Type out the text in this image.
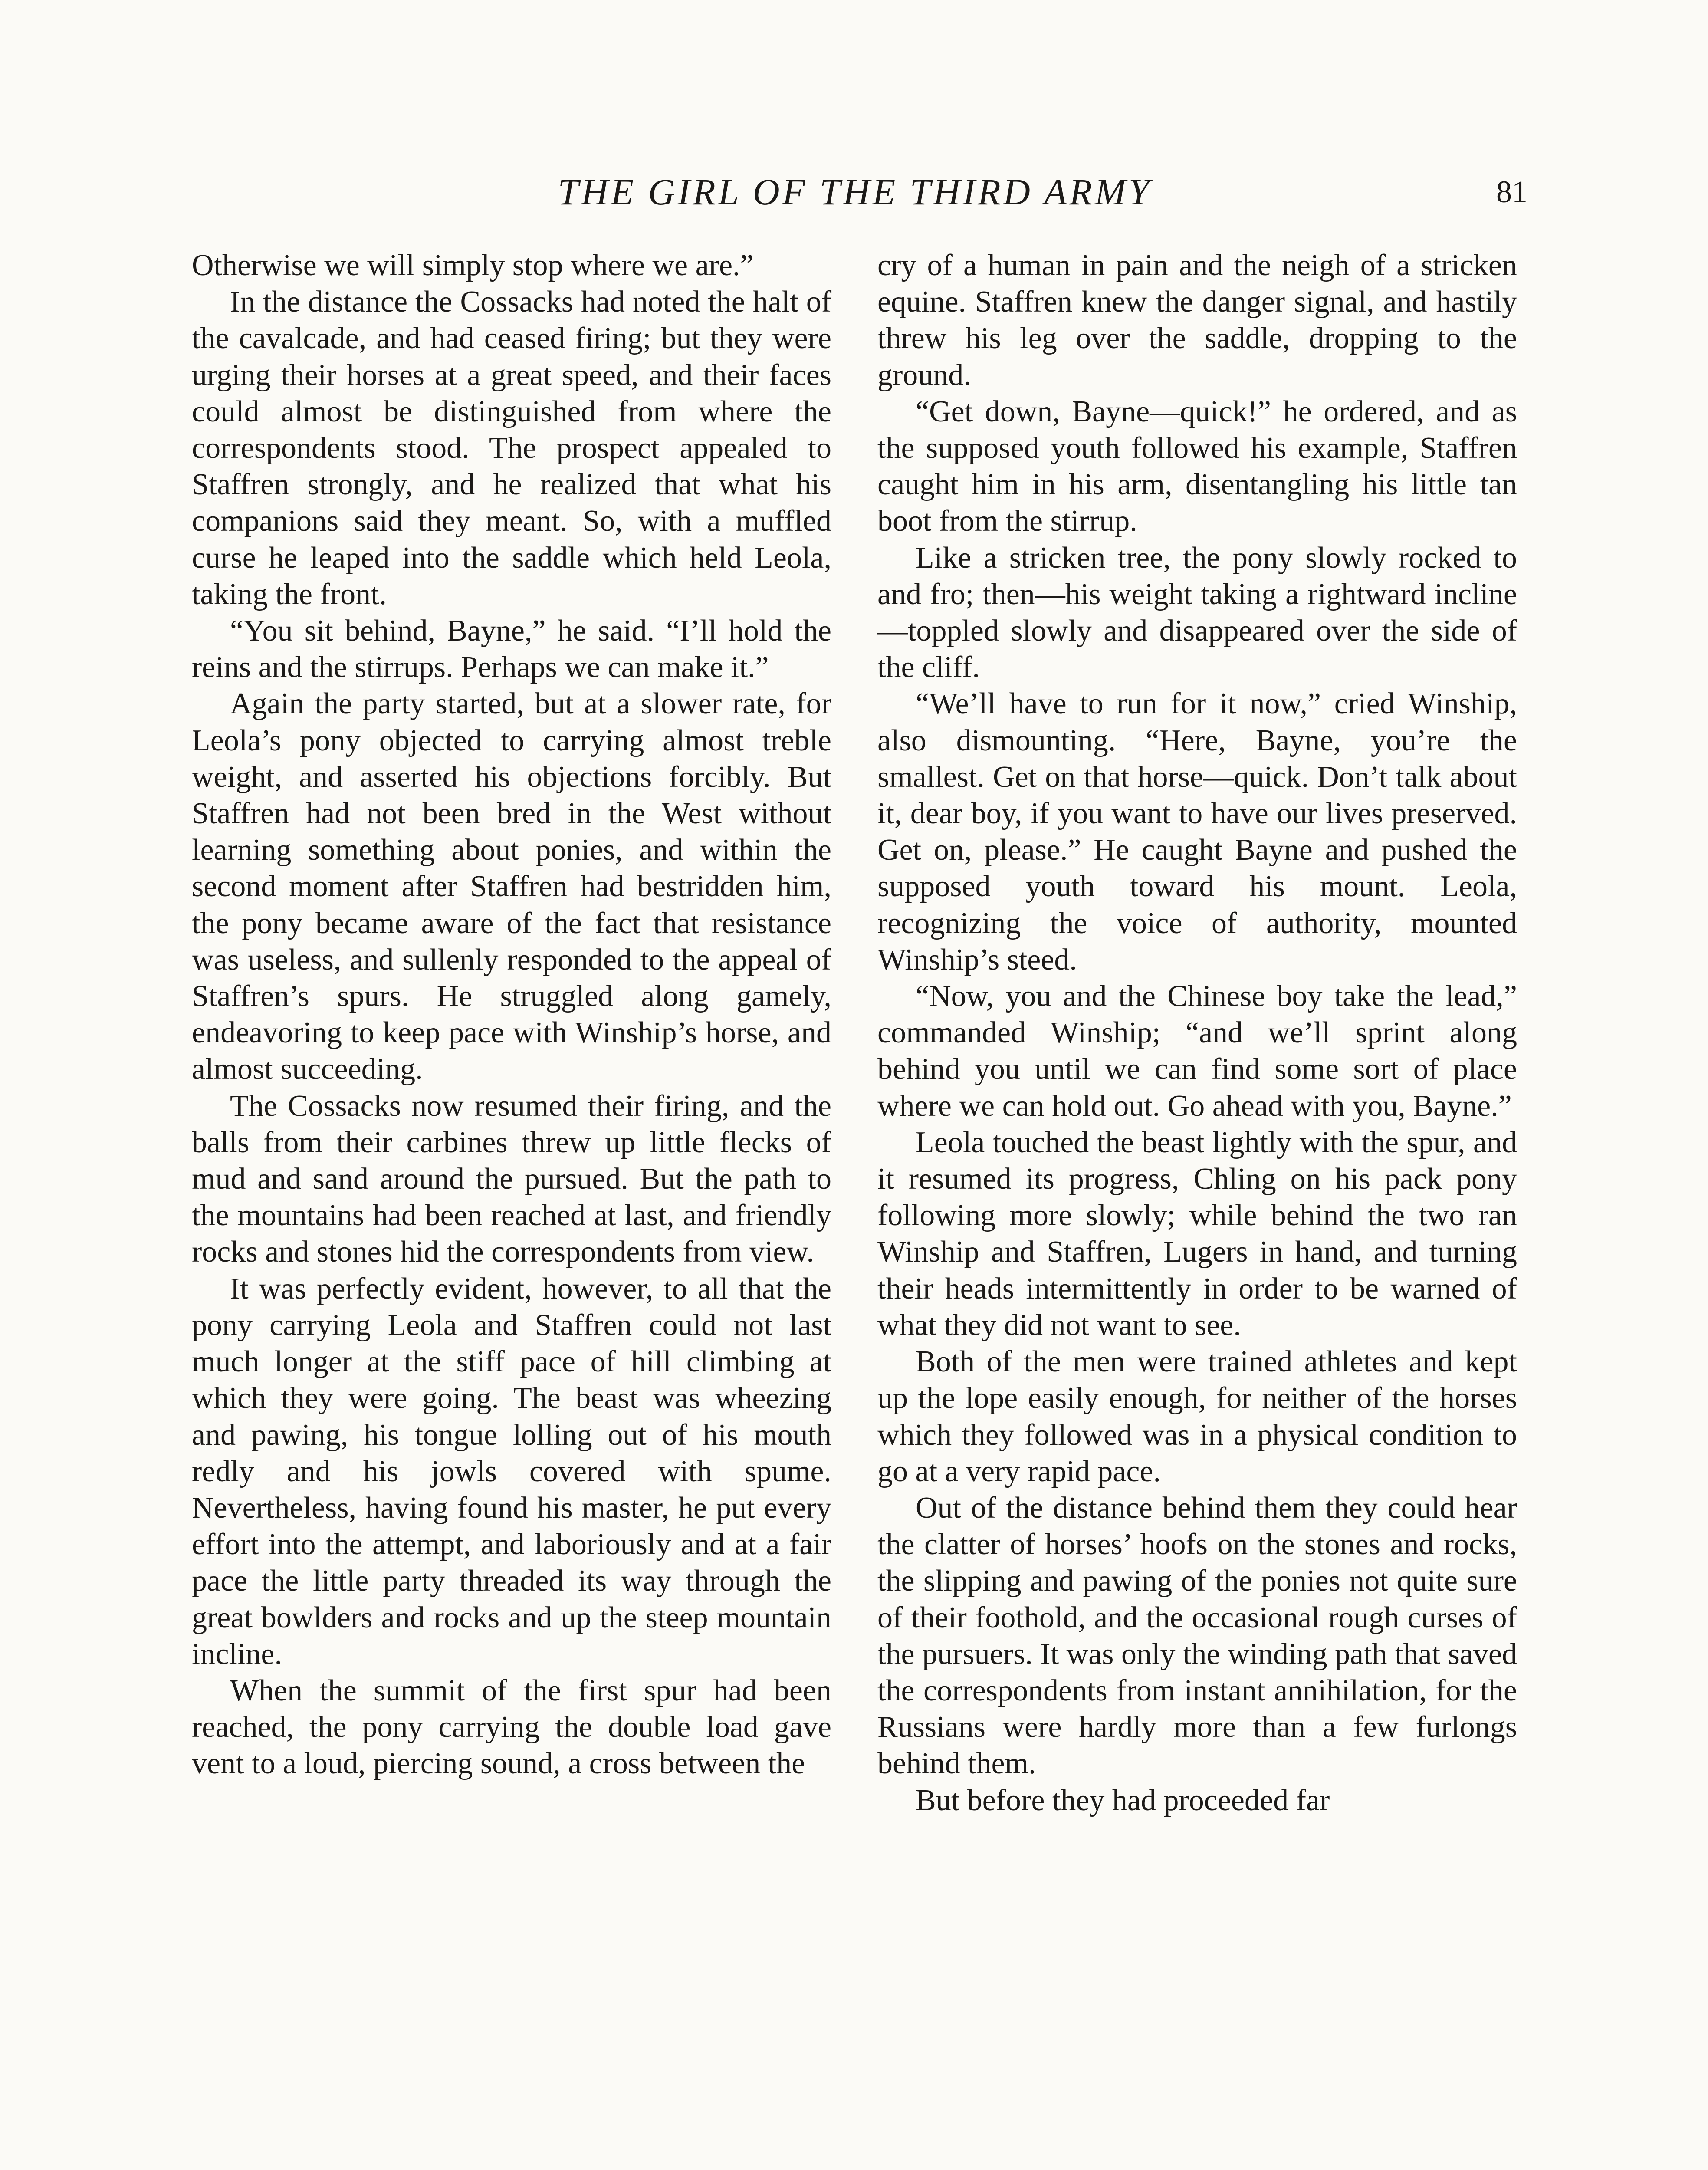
THE GIRL OF THE THIRD ARMY	81

Otherwise we will simply stop where we are.”

In the distance the Cossacks had noted the halt of the cavalcade, and had ceased firing; but they were urging their horses at a great speed, and their faces could almost be distinguished from where the correspondents stood. The prospect appealed to Staffren strongly, and he realized that what his companions said they meant. So, with a muffled curse he leaped into the saddle which held Leola, taking the front.

“You sit behind, Bayne,” he said. “I’ll hold the reins and the stirrups. Perhaps we can make it.”

Again the party started, but at a slower rate, for Leola’s pony objected to carrying almost treble weight, and asserted his objections forcibly. But Staffren had not been bred in the West without learning something about ponies, and within the second moment after Staffren had bestridden him, the pony became aware of the fact that resistance was useless, and sullenly responded to the appeal of Staffren’s spurs. He struggled along gamely, endeavoring to keep pace with Winship’s horse, and almost succeeding.

The Cossacks now resumed their firing, and the balls from their carbines threw up little flecks of mud and sand around the pursued. But the path to the mountains had been reached at last, and friendly rocks and stones hid the correspondents from view.

It was perfectly evident, however, to all that the pony carrying Leola and Staffren could not last much longer at the stiff pace of hill climbing at which they were going. The beast was wheezing and pawing, his tongue lolling out of his mouth redly and his jowls covered with spume. Nevertheless, having found his master, he put every effort into the attempt, and laboriously and at a fair pace the little party threaded its way through the great bowlders and rocks and up the steep mountain incline.

When the summit of the first spur had been reached, the pony carrying the double load gave vent to a loud, piercing sound, a cross between the

cry of a human in pain and the neigh of a stricken equine. Staffren knew the danger signal, and hastily threw his leg over the saddle, dropping to the ground.

“Get down, Bayne—quick!” he ordered, and as the supposed youth followed his example, Staffren caught him in his arm, disentangling his little tan boot from the stirrup.

Like a stricken tree, the pony slowly rocked to and fro; then—his weight taking a rightward incline—toppled slowly and disappeared over the side of the cliff.

“We’ll have to run for it now,” cried Winship, also dismounting. “Here, Bayne, you’re the smallest. Get on that horse—quick. Don’t talk about it, dear boy, if you want to have our lives preserved. Get on, please.” He caught Bayne and pushed the supposed youth toward his mount. Leola, recognizing the voice of authority, mounted Winship’s steed.

“Now, you and the Chinese boy take the lead,” commanded Winship; “and we’ll sprint along behind you until we can find some sort of place where we can hold out. Go ahead with you, Bayne.”

Leola touched the beast lightly with the spur, and it resumed its progress, Chling on his pack pony following more slowly; while behind the two ran Winship and Staffren, Lugers in hand, and turning their heads intermittently in order to be warned of what they did not want to see.

Both of the men were trained athletes and kept up the lope easily enough, for neither of the horses which they followed was in a physical condition to go at a very rapid pace.

Out of the distance behind them they could hear the clatter of horses’ hoofs on the stones and rocks, the slipping and pawing of the ponies not quite sure of their foothold, and the occasional rough curses of the pursuers. It was only the winding path that saved the correspondents from instant annihilation, for the Russians were hardly more than a few furlongs behind them.

But before they had proceeded far
